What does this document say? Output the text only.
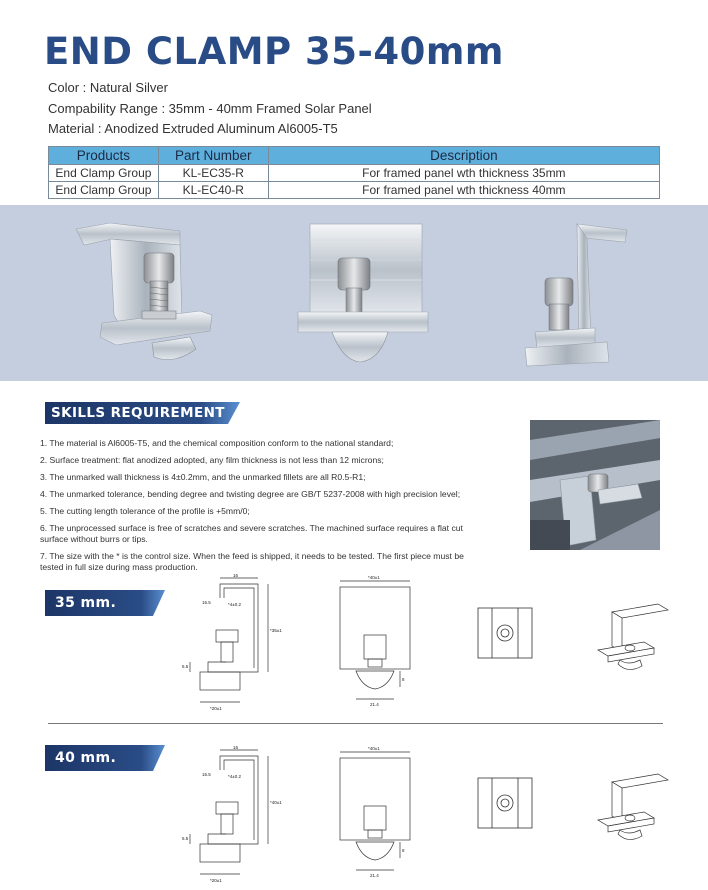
END CLAMP 35-40mm
Color : Natural Silver
Compability Range : 35mm - 40mm Framed Solar Panel
Material : Anodized Extruded Aluminum Al6005-T5
Products	Part Number	Description
End Clamp Group	KL-EC35-R	For framed panel wth thickness 35mm
End Clamp Group	KL-EC40-R	For framed panel wth thickness 40mm
SKILLS REQUIREMENT

1. The material is Al6005-T5, and the chemical composition conform to the national standard;

2. Surface treatment: flat anodized adopted, any film thickness is not less than 12 microns;

3. The unmarked wall thickness is 4±0.2mm, and the unmarked fillets are all R0.5-R1;

4. The unmarked tolerance, bending degree and twisting degree are GB/T 5237-2008 with high precision level;

5. The cutting length tolerance of the profile is +5mm/0;

6. The unprocessed surface is free of scratches and severe scratches. The machined surface requires a flat cut surface without burrs or tips.

7. The size with the * is the control size. When the feed is shipped, it needs to be tested. The first piece must be tested in full size during mass production.

35 mm.
16
16.5	*4±0.2
*35±1
6.5
*20±1
*40±1
8
21.4
40 mm.
16
16.5	*4±0.2
*40±1
6.5
*20±1
*40±1
8
21.4
